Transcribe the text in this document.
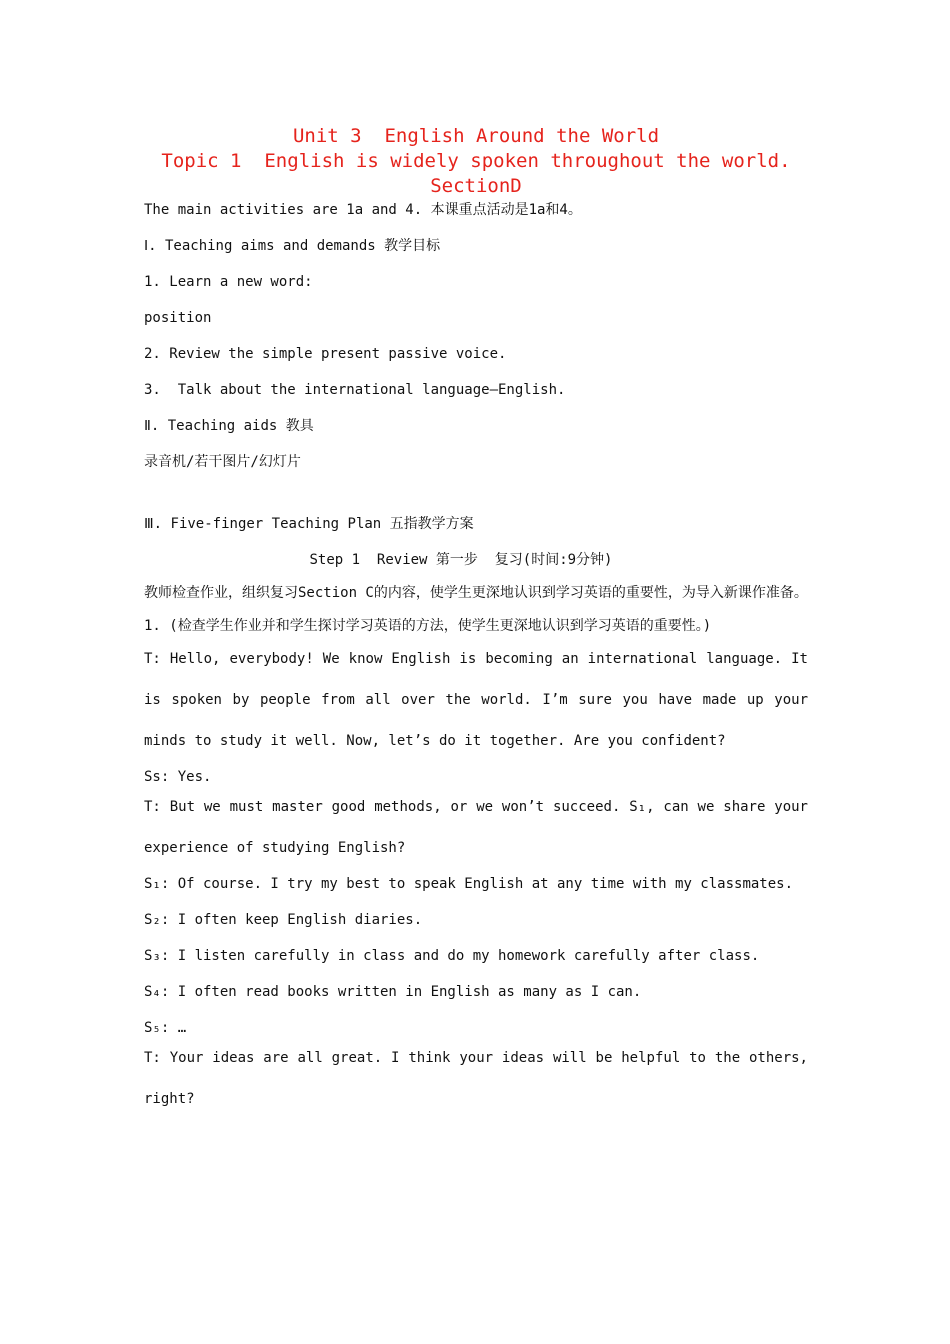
Unit 3  English Around the World
Topic 1  English is widely spoken throughout the world.
SectionD
The main activities are 1a and 4. 本课重点活动是1a和4。
Ⅰ. Teaching aims and demands 教学目标
1. Learn a new word:
position
2. Review the simple present passive voice.
3.  Talk about the international language—English.
Ⅱ. Teaching aids 教具
录音机/若干图片/幻灯片
Ⅲ. Five-finger Teaching Plan 五指教学方案
Step 1  Review 第一步  复习(时间:9分钟)
教师检查作业，组织复习Section C的内容，使学生更深地认识到学习英语的重要性，为导入新课作准备。
1. (检查学生作业并和学生探讨学习英语的方法，使学生更深地认识到学习英语的重要性。)
T: Hello, everybody! We know English is becoming an international language. It is spoken by people from all over the world. I’m sure you have made up your minds to study it well. Now, let’s do it together. Are you confident?
Ss: Yes.
T: But we must master good methods, or we won’t succeed. S₁, can we share your experience of studying English?
S₁: Of course. I try my best to speak English at any time with my classmates.
S₂: I often keep English diaries.
S₃: I listen carefully in class and do my homework carefully after class.
S₄: I often read books written in English as many as I can.
S₅: …
T: Your ideas are all great. I think your ideas will be helpful to the others, right?
